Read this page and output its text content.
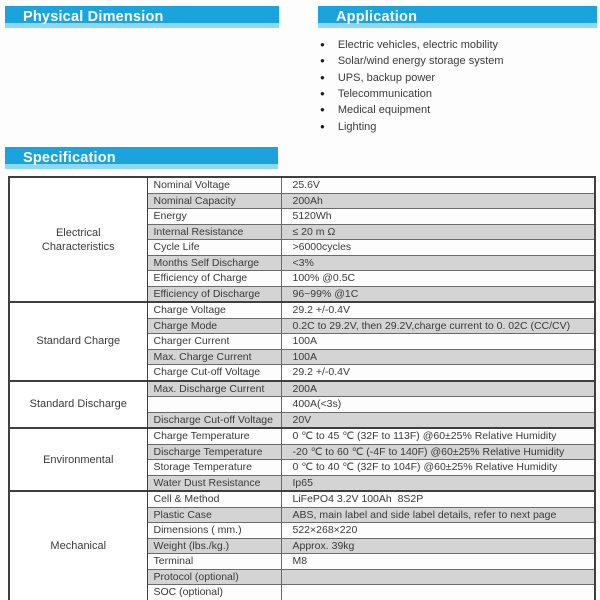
Physical Dimension	Application
● Electric vehicles, electric mobility
● Solar/wind energy storage system
● UPS, backup power
● Telecommunication
● Medical equipment
● Lighting
Specification
Electrical Characteristics	Nominal Voltage	25.6V
	Nominal Capacity	200Ah
	Energy	5120Wh
	Internal Resistance	≤ 20 m Ω
	Cycle Life	>6000cycles
	Months Self Discharge	<3%
	Efficiency of Charge	100% @0.5C
	Efficiency of Discharge	96~99% @1C
Standard Charge	Charge Voltage	29.2 +/-0.4V
	Charge Mode	0.2C to 29.2V, then 29.2V,charge current to 0. 02C (CC/CV)
	Charger Current	100A
	Max. Charge Current	100A
	Charge Cut-off Voltage	29.2 +/-0.4V
Standard Discharge	Max. Discharge Current	200A
		400A(<3s)
	Discharge Cut-off Voltage	20V
Environmental	Charge Temperature	0 ℃ to 45 ℃ (32F to 113F) @60±25% Relative Humidity
	Discharge Temperature	-20 ℃ to 60 ℃ (-4F to 140F) @60±25% Relative Humidity
	Storage Temperature	0 ℃ to 40 ℃ (32F to 104F) @60±25% Relative Humidity
	Water Dust Resistance	Ip65
Mechanical	Cell & Method	LiFePO4 3.2V 100Ah  8S2P
	Plastic Case	ABS, main label and side label details, refer to next page
	Dimensions ( mm.)	522×268×220
	Weight (lbs./kg.)	Approx. 39kg
	Terminal	M8
	Protocol (optional)	
	SOC (optional)	
